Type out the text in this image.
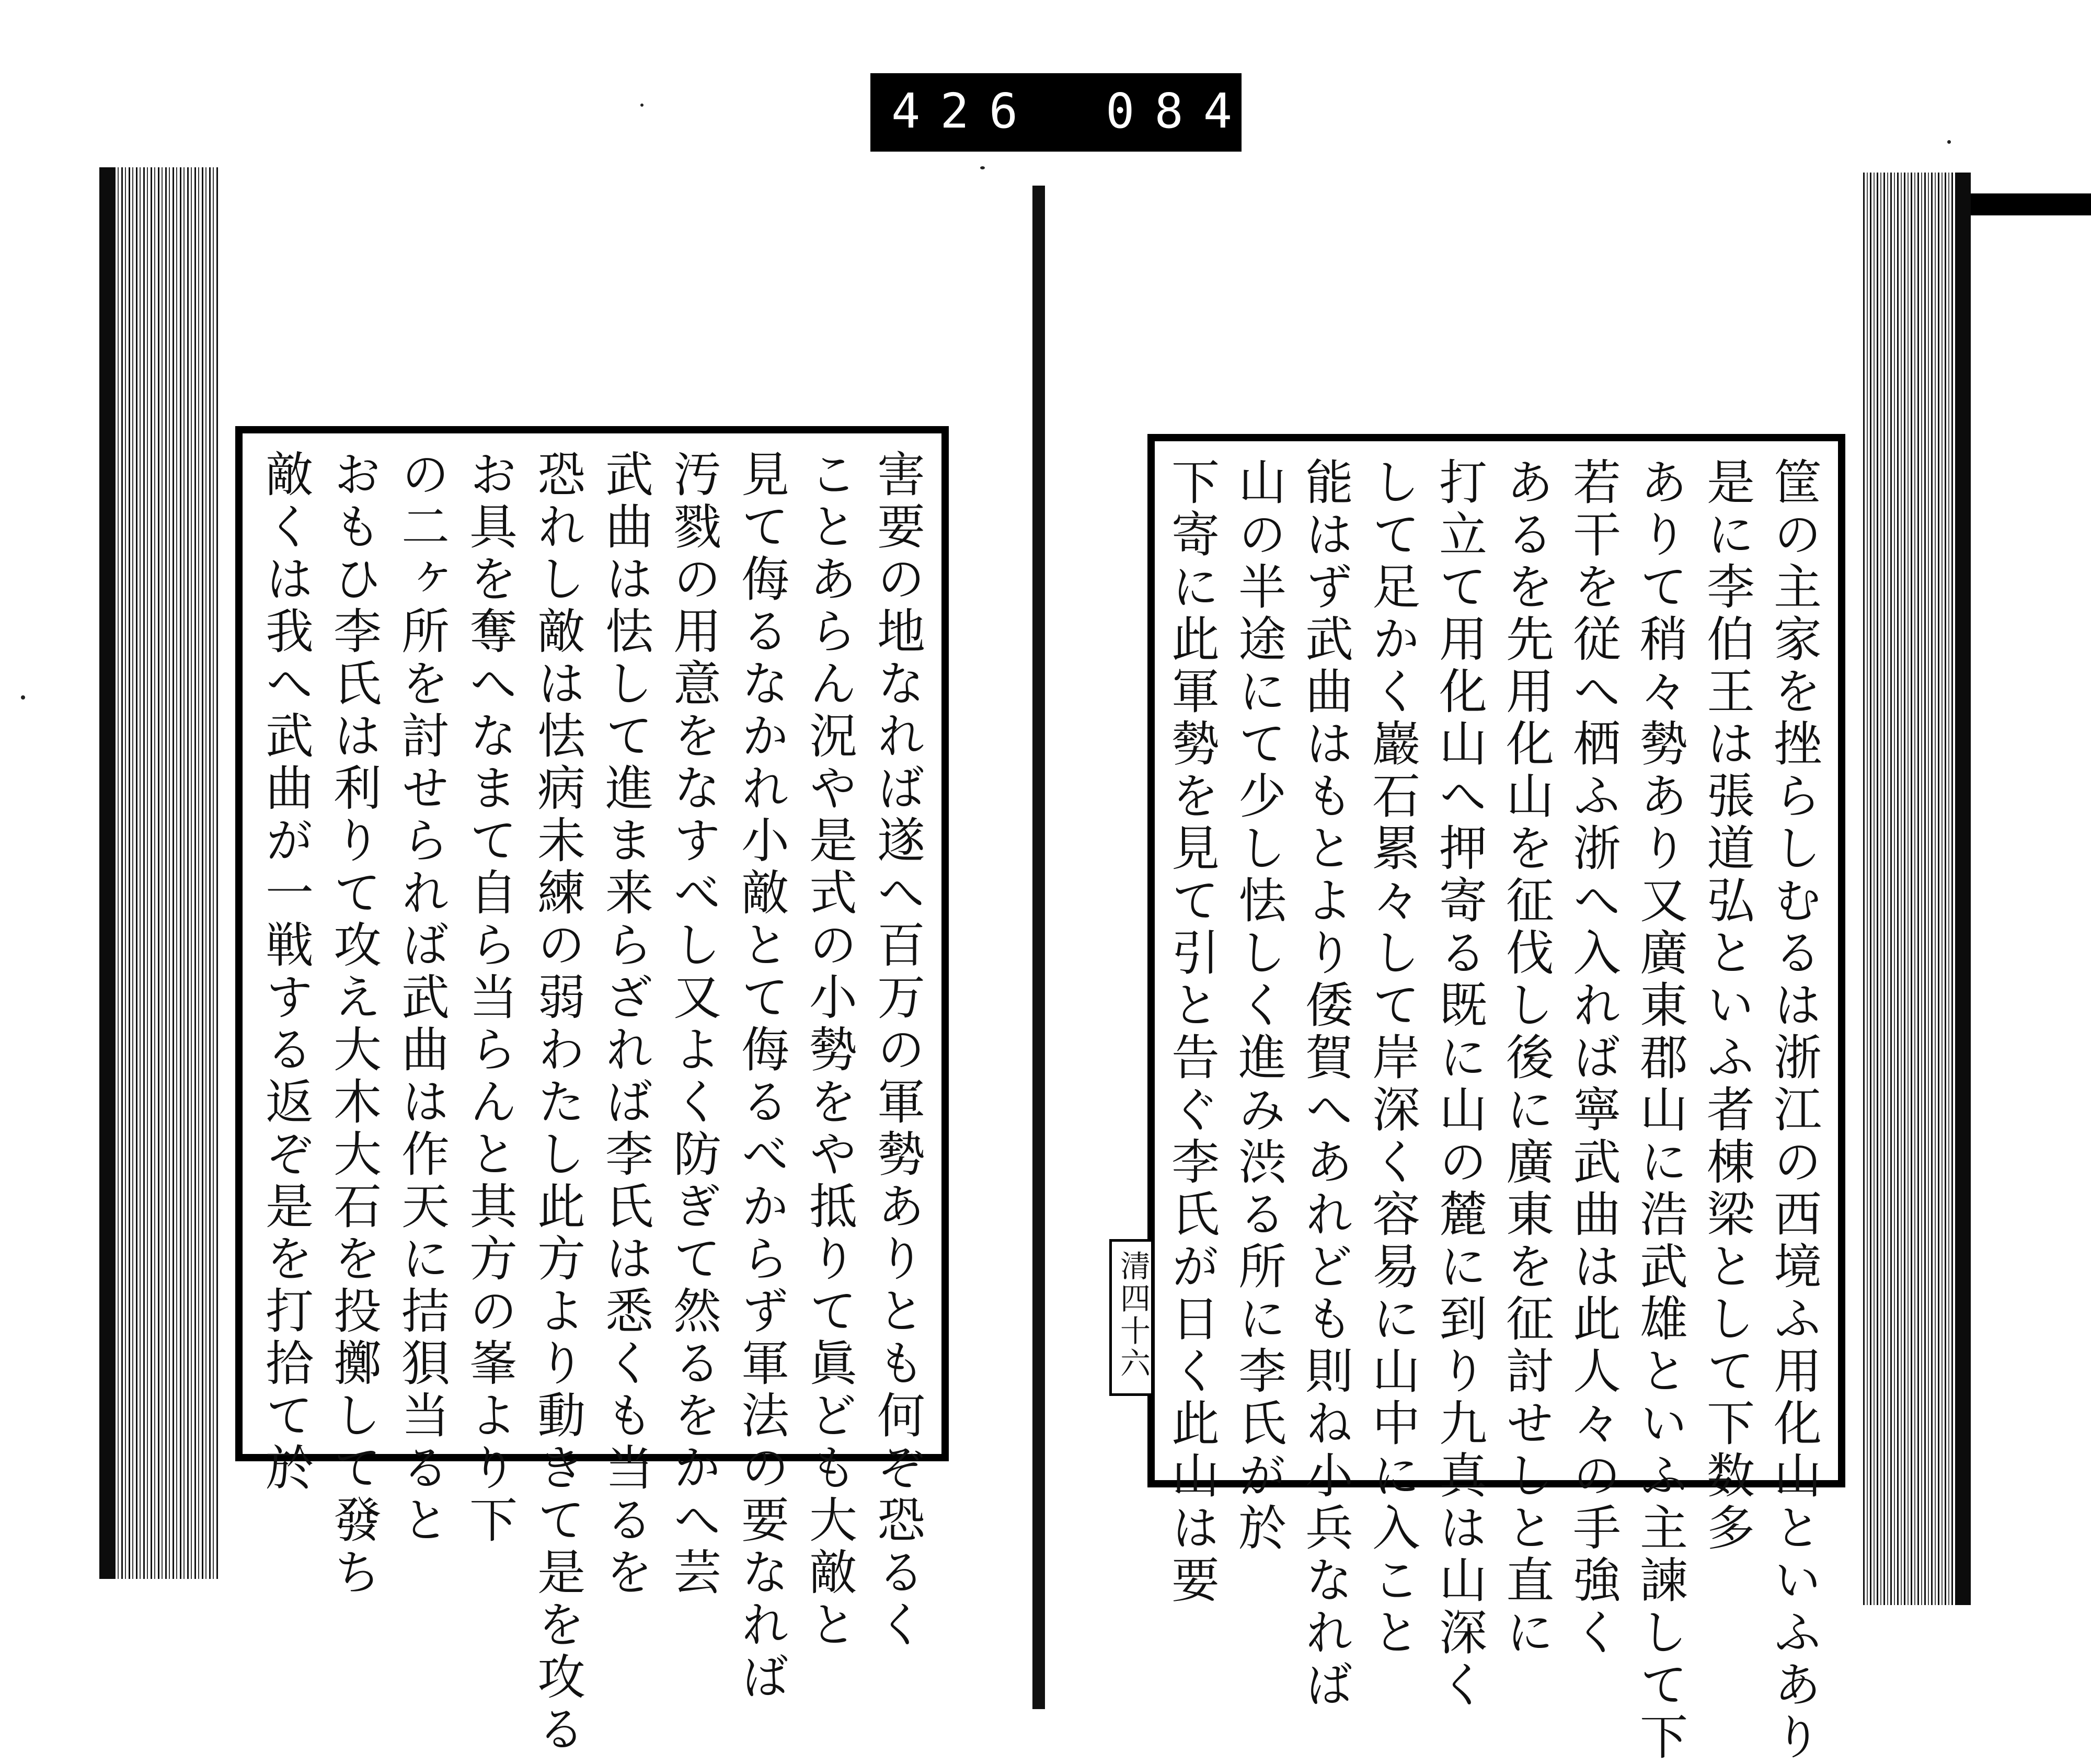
426 084
害要の地なれば遂へ百万の軍勢ありとも何ぞ恐るく
ことあらん況や是式の小勢をや抵りて眞ども大敵と
見て侮るなかれ小敵とて侮るべからず軍法の要なれば
汚戮の用意をなすべし又よく防ぎて然るをかへ芸
武曲は怯して進ま来らざれば李氏は悉くも当るを
恐れし敵は怯病未練の弱わたし此方より動きて是を攻る
お具を奪へなまて自ら当らんと其方の峯より下
の二ヶ所を討せられば武曲は作天に拮狽当ると
おもひ李氏は利りて攻え大木大石を投擲して發ち
敵くは我へ武曲が一戦する返ぞ是を打拾て於	筐の主家を挫らしむるは浙江の西境ふ用化山といふあり
是に李伯王は張道弘といふ者棟梁として下数多
ありて稍々勢あり又廣東郡山に浩武雄といふ主諫して下
若干を従へ栖ふ浙へ入れば寧武曲は此人々の手強く
あるを先用化山を征伐し後に廣東を征討せしと直に
打立て用化山へ押寄る既に山の麓に到り九真は山深く
して足かく巖石累々して岸深く容易に山中に入こと
能はず武曲はもとより倭賀へあれども則ね小兵なれば
山の半途にて少し怯しく進み渋る所に李氏が於
下寄に此軍勢を見て引と告ぐ李氏が日く此山は要
清四十六
